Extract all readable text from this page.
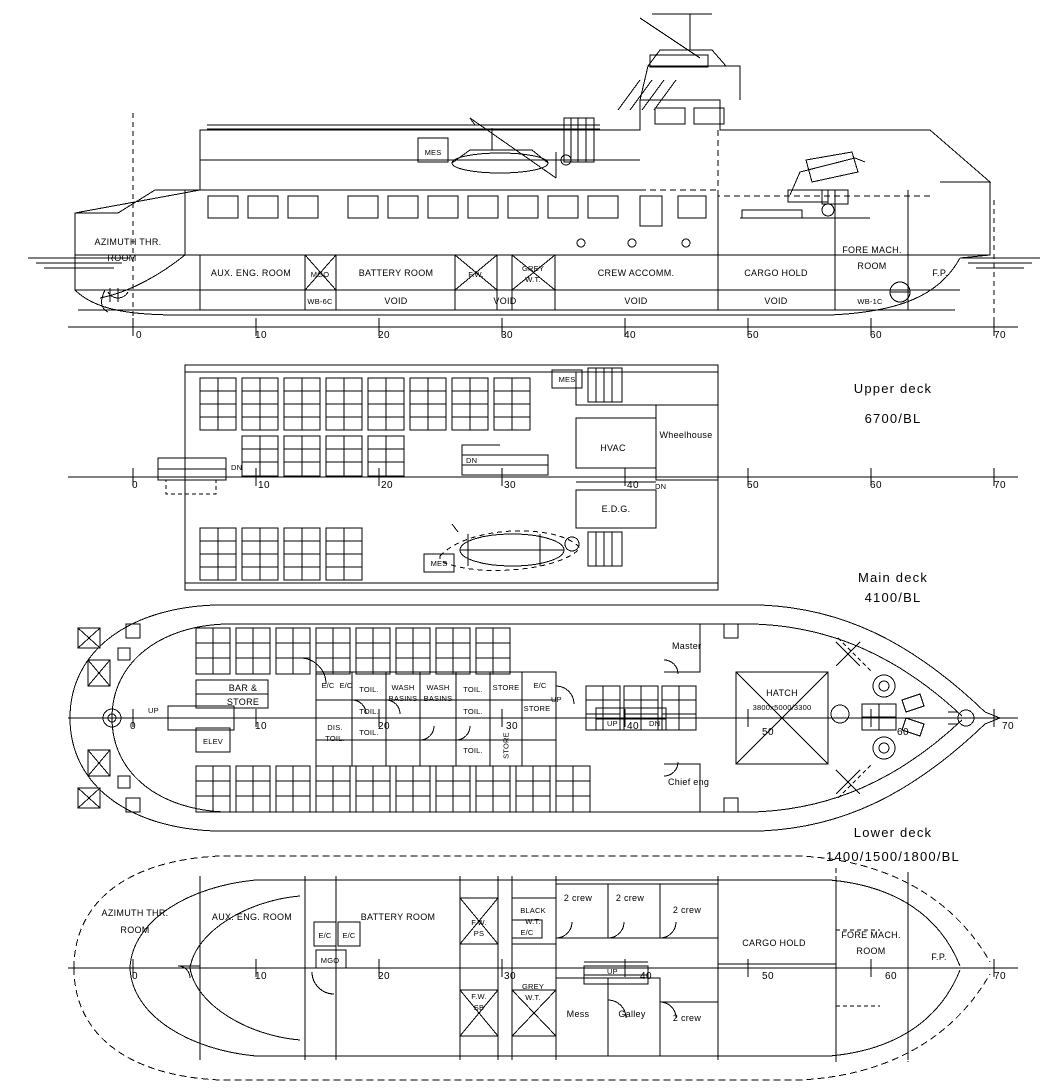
AZIMUTH THR.
ROOM
AUX. ENG. ROOM	MGO	BATTERY ROOM	F.W.
GREY
W.T.
CREW ACCOMM.	CARGO HOLD
FORE MACH.
ROOM
F.P.
WB-6C	VOID	VOID	VOID	VOID	WB-1C
MES
0	10	20	30	40	50	60	70
Upper deck
6700/BL
MES
MES
HVAC
Wheelhouse
E.D.G.
DN
DN
DN
0	10	20	30	40	50	60	70
Main deck
4100/BL
UP
ELEV
BAR &
STORE
E/C E/C	E/C
TOIL.
TOIL.
TOIL.
TOIL.
TOIL.
TOIL.
DIS.
TOIL.
WASH
BASINS
WASH
BASINS
STORE
STORE
STORE
UP
UP	DN
Master
Chief eng
HATCH
3800x5000/3300
0	10	20	30	40
50	60
70
Lower deck
1400/1500/1800/BL
AZIMUTH THR.
ROOM
AUX. ENG. ROOM	BATTERY ROOM
E/C E/C	E/C
MGO
F.W.
PS
F.W.
SB
BLACK
W.T.
GREY
W.T.
2 crew	2 crew
2 crew
2 crew
Mess	Galley
CARGO HOLD
FORE MACH.
ROOM
F.P.
UP
0	10	20	30	40	50	60	70
